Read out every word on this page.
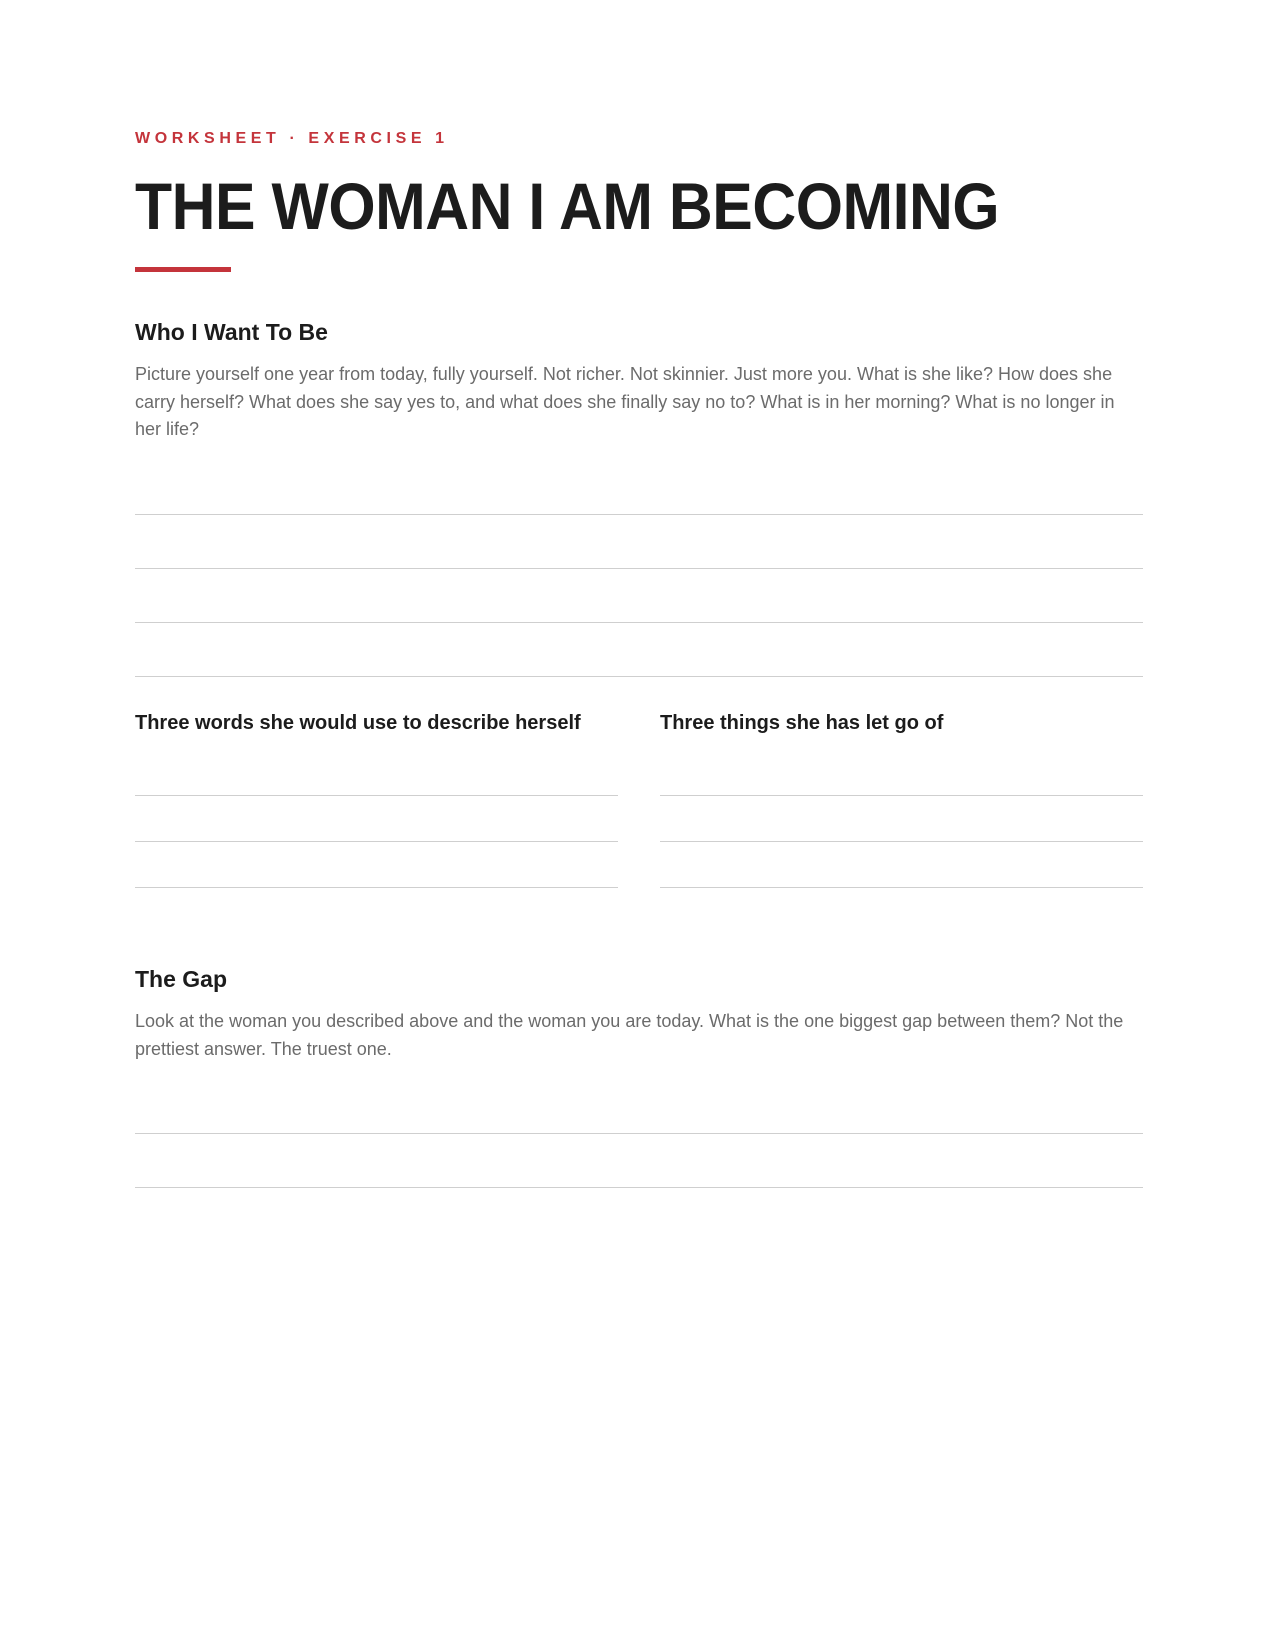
WORKSHEET · EXERCISE 1
THE WOMAN I AM BECOMING
Who I Want To Be
Picture yourself one year from today, fully yourself. Not richer. Not skinnier. Just more you. What is she like? How does she carry herself? What does she say yes to, and what does she finally say no to? What is in her morning? What is no longer in her life?
Three words she would use to describe herself	Three things she has let go of
The Gap
Look at the woman you described above and the woman you are today. What is the one biggest gap between them? Not the prettiest answer. The truest one.
